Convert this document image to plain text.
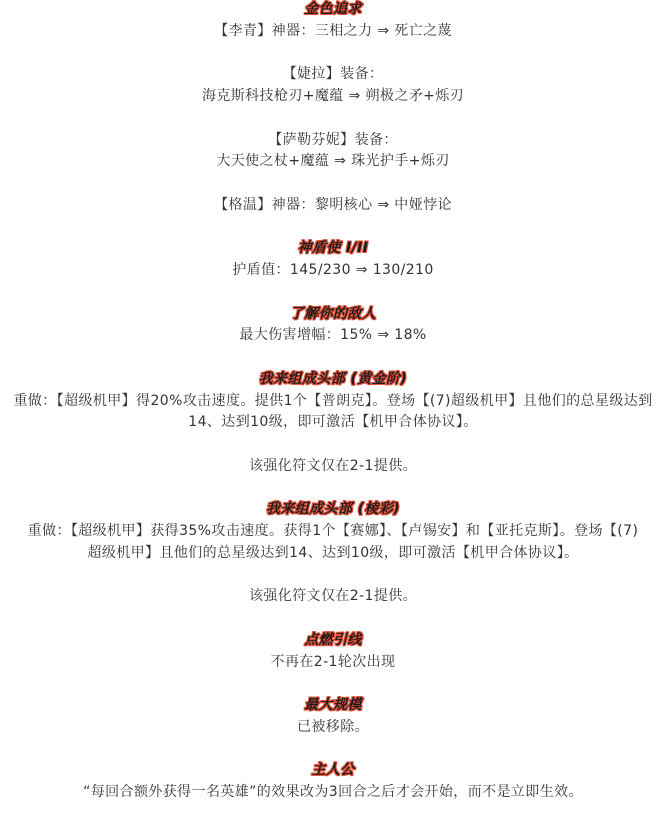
金色追求
【李青】神器：三相之力 ⇒ 死亡之蔑
【婕拉】装备：
海克斯科技枪刃+魔蕴 ⇒ 朔极之矛+烁刃
【萨勒芬妮】装备：
大天使之杖+魔蕴 ⇒ 珠光护手+烁刃
【格温】神器：黎明核心 ⇒ 中娅悖论
神盾使 I/II
护盾值：145/230 ⇒ 130/210
了解你的敌人
最大伤害增幅：15% ⇒ 18%
我来组成头部 (黄金阶)
重做：【超级机甲】得20%攻击速度。提供1个【普朗克】。登场【(7)超级机甲】且他们的总星级达到
14、达到10级，即可激活【机甲合体协议】。
该强化符文仅在2-1提供。
我来组成头部 (棱彩)
重做：【超级机甲】获得35%攻击速度。获得1个【赛娜】、【卢锡安】和【亚托克斯】。登场【(7)
超级机甲】且他们的总星级达到14、达到10级，即可激活【机甲合体协议】。
该强化符文仅在2-1提供。
点燃引线
不再在2-1轮次出现
最大规模
已被移除。
主人公
“每回合额外获得一名英雄”的效果改为3回合之后才会开始，而不是立即生效。
